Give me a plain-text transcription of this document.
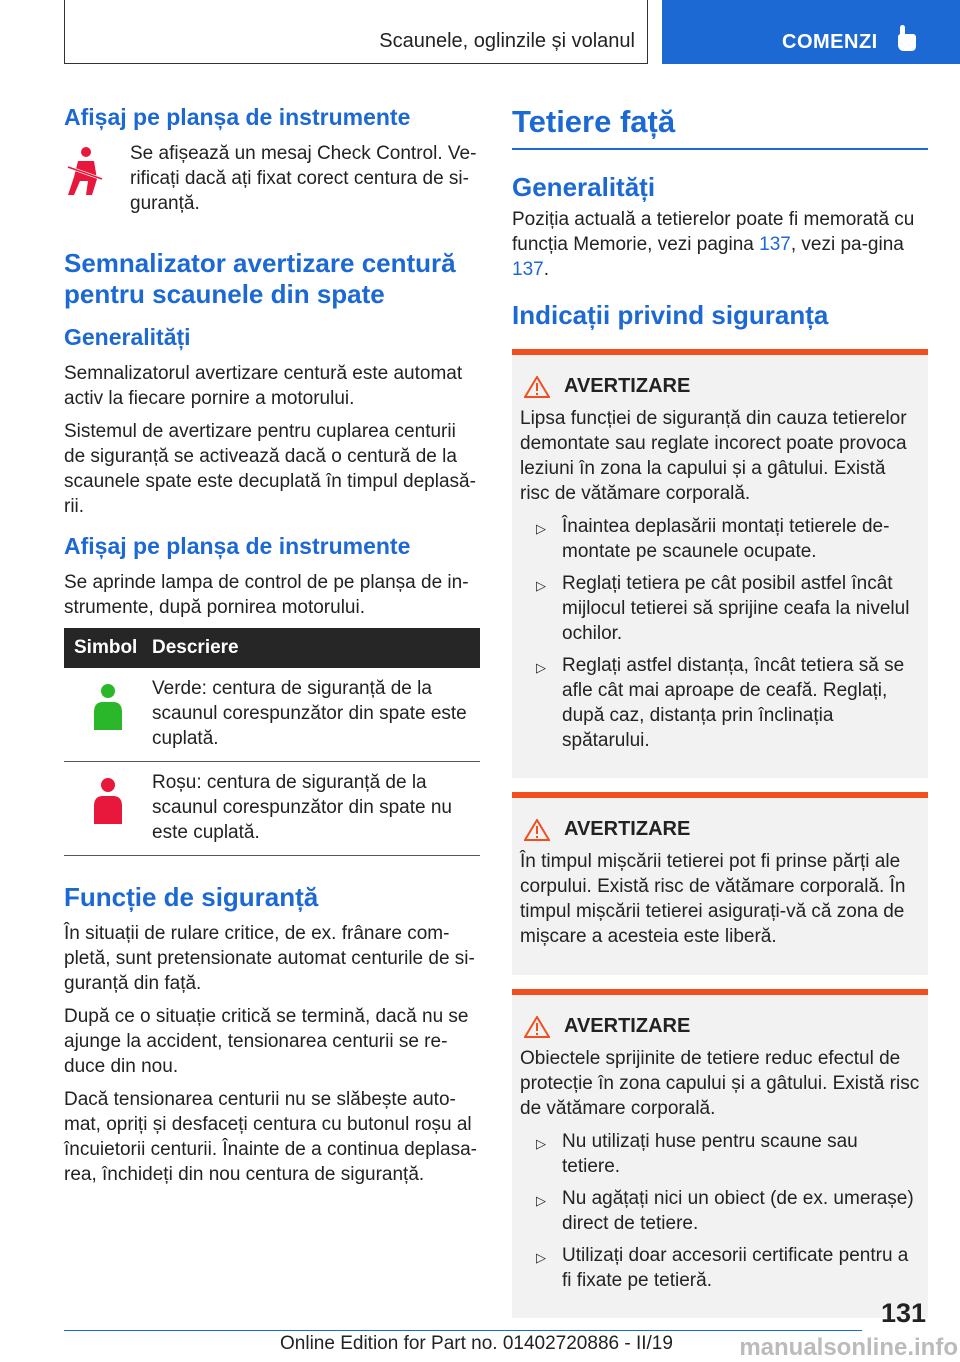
Scaunele, oglinzile și volanul	COMENZI
Afișaj pe planșa de instrumente

Se afișează un mesaj Check Control. Ve-rificați dacă ați fixat corect centura de si-guranță.

Semnalizator avertizare centură pentru scaunele din spate
Generalități

Semnalizatorul avertizare centură este automat activ la fiecare pornire a motorului.

Sistemul de avertizare pentru cuplarea centurii de siguranță se activează dacă o centură de la scaunele spate este decuplată în timpul deplasă-rii.

Afișaj pe planșa de instrumente

Se aprinde lampa de control de pe planșa de in-strumente, după pornirea motorului.

Simbol	Descriere
	Verde: centura de siguranță de la scaunul corespunzător din spate este cuplată.
	Roșu: centura de siguranță de la scaunul corespunzător din spate nu este cuplată.
Funcție de siguranță

În situații de rulare critice, de ex. frânare com-pletă, sunt pretensionate automat centurile de si-guranță din față.

După ce o situație critică se termină, dacă nu se ajunge la accident, tensionarea centurii se re-duce din nou.

Dacă tensionarea centurii nu se slăbește auto-mat, opriți și desfaceți centura cu butonul roșu al încuietorii centurii. Înainte de a continua deplasa-rea, închideți din nou centura de siguranță.

Tetiere față
Generalități

Poziția actuală a tetierelor poate fi memorată cu funcția Memorie, vezi pagina 137, vezi pa-gina 137.

Indicații privind siguranța
AVERTIZARE

Lipsa funcției de siguranță din cauza tetierelor demontate sau reglate incorect poate provoca leziuni în zona la capului și a gâtului. Există risc de vătămare corporală.

▷ Înaintea deplasării montați tetierele de-montate pe scaunele ocupate.
▷ Reglați tetiera pe cât posibil astfel încât mijlocul tetierei să sprijine ceafa la nivelul ochilor.
▷ Reglați astfel distanța, încât tetiera să se afle cât mai aproape de ceafă. Reglați, după caz, distanța prin înclinația spătarului.
AVERTIZARE

În timpul mișcării tetierei pot fi prinse părți ale corpului. Există risc de vătămare corporală. În timpul mișcării tetierei asigurați-vă că zona de mișcare a acesteia este liberă.

AVERTIZARE

Obiectele sprijinite de tetiere reduc efectul de protecție în zona capului și a gâtului. Există risc de vătămare corporală.

▷ Nu utilizați huse pentru scaune sau tetiere.
▷ Nu agățați nici un obiect (de ex. umerașe) direct de tetiere.
▷ Utilizați doar accesorii certificate pentru a fi fixate pe tetieră.
131
Online Edition for Part no. 01402720886 - II/19	manualsonline.info
